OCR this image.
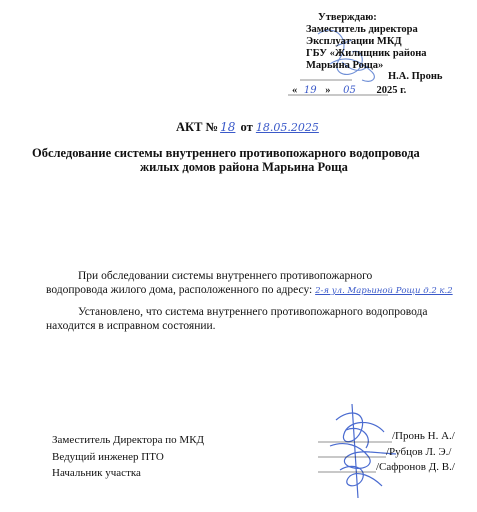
Утверждаю:
Заместитель директора
Эксплуатации МКД
ГБУ «Жилищник района
Марьина Роща»
Н.А. Пронь
« 19 » 05 2025 г.
АКТ № 18 от 18.05.2025
Обследование системы внутреннего противопожарного водопровода
жилых домов района Марьина Роща
При обследовании системы внутреннего противопожарного
водопровода жилого дома, расположенного по адресу: 2-я ул. Марьиной Рощи д.2 к.2
Установлено, что система внутреннего противопожарного водопровода
находится в исправном состоянии.
Заместитель Директора по МКД
Ведущий инженер ПТО
Начальник участка
/Пронь Н. А./
/Рубцов Л. Э./
/Сафронов Д. В./
